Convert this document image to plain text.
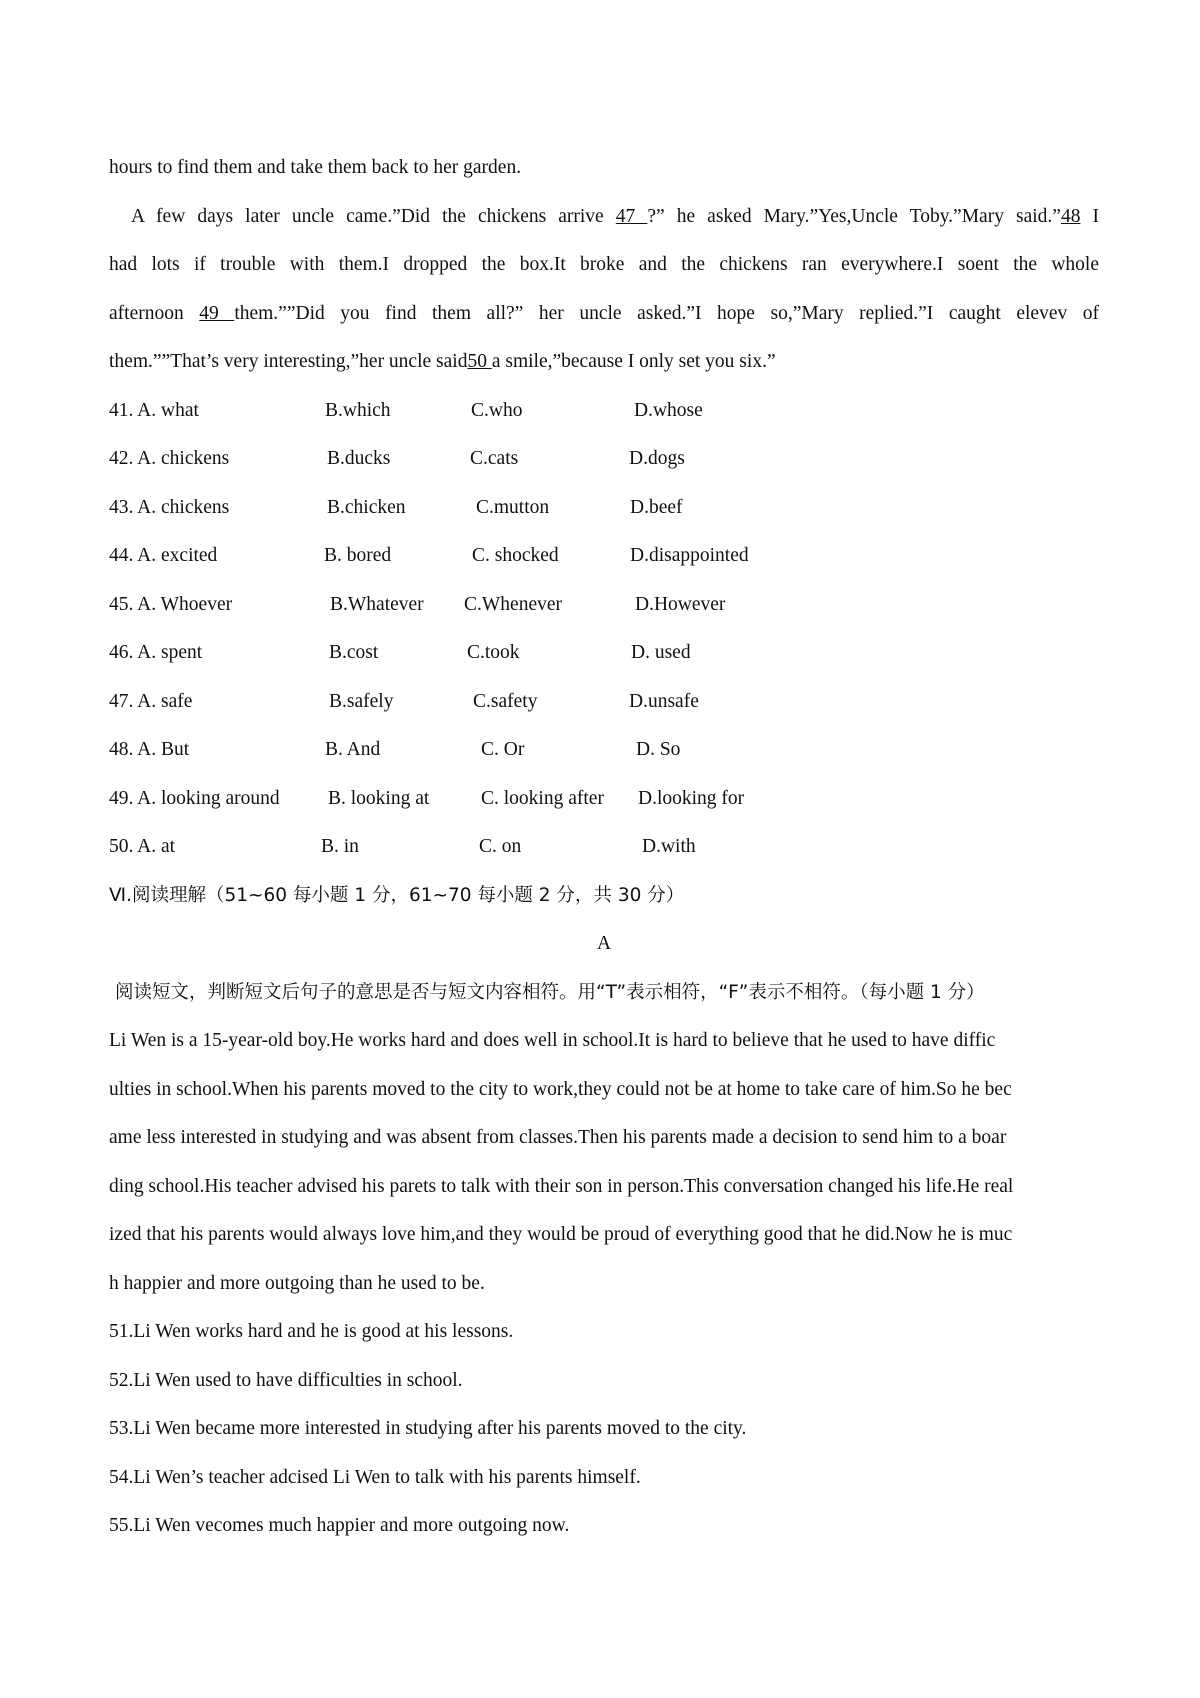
hours to find them and take them back to her garden.
A few days later uncle came.”Did the chickens arrive 47 ?” he asked Mary.”Yes,Uncle Toby.”Mary said.”48 I
had lots if trouble with them.I dropped the box.It broke and the chickens ran everywhere.I soent the whole
afternoon 49 them.””Did you find them all?” her uncle asked.”I hope so,”Mary replied.”I caught elevev of
them.””That’s very interesting,”her uncle said50 a smile,”because I only set you six.”
41. A. what	B.which	C.who	D.whose
42. A. chickens	B.ducks	C.cats	D.dogs
43. A. chickens	B.chicken	C.mutton	D.beef
44. A. excited	B. bored	C. shocked	D.disappointed
45. A. Whoever	B.Whatever C.Whenever	D.However
46. A. spent	B.cost	C.took	D. used
47. A. safe	B.safely	C.safety	D.unsafe
48. A. But	B. And	C. Or	D. So
49. A. looking around B. looking at	C. looking after D.looking for
50. A. at	B. in	C. on	D.with
Ⅵ.阅读理解（51~60 每小题 1 分，61~70 每小题 2 分，共 30 分）
A
阅读短文，判断短文后句子的意思是否与短文内容相符。用“T”表示相符，“F”表示不相符。（每小题 1 分）
Li Wen is a 15-year-old boy.He works hard and does well in school.It is hard to believe that he used to have diffic
ulties in school.When his parents moved to the city to work,they could not be at home to take care of him.So he bec
ame less interested in studying and was absent from classes.Then his parents made a decision to send him to a boar
ding school.His teacher advised his parets to talk with their son in person.This conversation changed his life.He real
ized that his parents would always love him,and they would be proud of everything good that he did.Now he is muc
h happier and more outgoing than he used to be.
51.Li Wen works hard and he is good at his lessons.
52.Li Wen used to have difficulties in school.
53.Li Wen became more interested in studying after his parents moved to the city.
54.Li Wen’s teacher adcised Li Wen to talk with his parents himself.
55.Li Wen vecomes much happier and more outgoing now.
